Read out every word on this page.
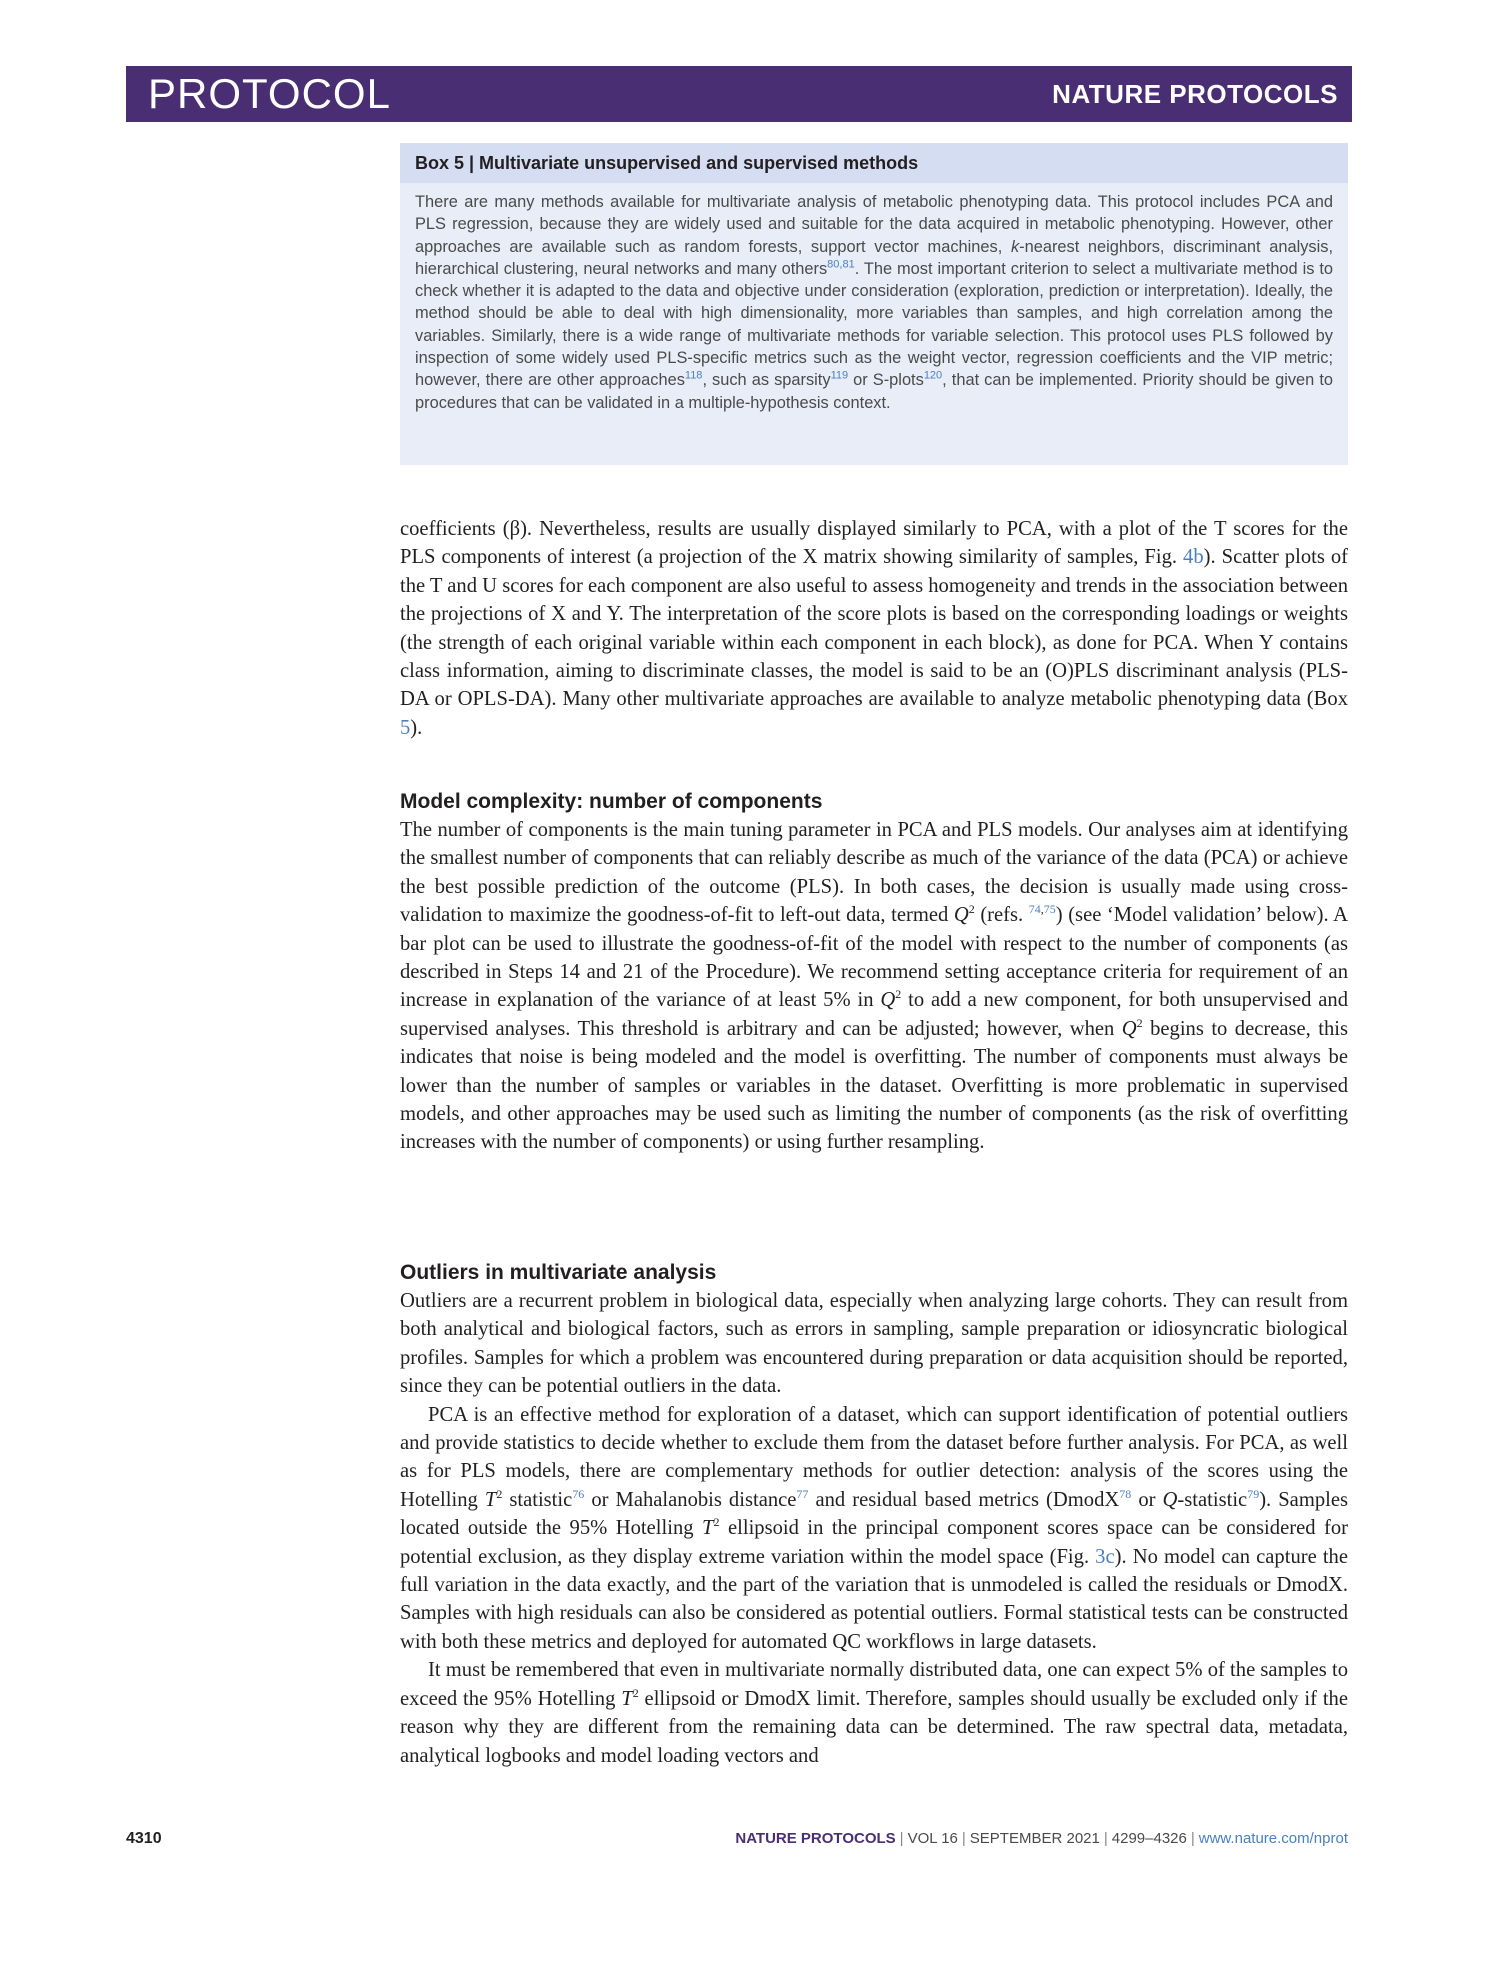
PROTOCOL	NATURE PROTOCOLS
Box 5 | Multivariate unsupervised and supervised methods
There are many methods available for multivariate analysis of metabolic phenotyping data. This protocol includes PCA and PLS regression, because they are widely used and suitable for the data acquired in metabolic phenotyping. However, other approaches are available such as random forests, support vector machines, k-nearest neighbors, discriminant analysis, hierarchical clustering, neural networks and many others$^{80,81}$. The most important criterion to select a multivariate method is to check whether it is adapted to the data and objective under consideration (exploration, prediction or interpretation). Ideally, the method should be able to deal with high dimensionality, more variables than samples, and high correlation among the variables. Similarly, there is a wide range of multivariate methods for variable selection. This protocol uses PLS followed by inspection of some widely used PLS-specific metrics such as the weight vector, regression coefficients and the VIP metric; however, there are other approaches$^{118}$, such as sparsity$^{119}$ or S-plots$^{120}$, that can be implemented. Priority should be given to procedures that can be validated in a multiple-hypothesis context.

coefficients (β). Nevertheless, results are usually displayed similarly to PCA, with a plot of the T scores for the PLS components of interest (a projection of the X matrix showing similarity of samples, Fig. 4b). Scatter plots of the T and U scores for each component are also useful to assess homogeneity and trends in the association between the projections of X and Y. The interpretation of the score plots is based on the corresponding loadings or weights (the strength of each original variable within each component in each block), as done for PCA. When Y contains class information, aiming to discriminate classes, the model is said to be an (O)PLS discriminant analysis (PLS-DA or OPLS-DA). Many other multivariate approaches are available to analyze metabolic phenotyping data (Box 5).

Model complexity: number of components

The number of components is the main tuning parameter in PCA and PLS models. Our analyses aim at identifying the smallest number of components that can reliably describe as much of the variance of the data (PCA) or achieve the best possible prediction of the outcome (PLS). In both cases, the decision is usually made using cross-validation to maximize the goodness-of-fit to left-out data, termed $Q^2$ (refs. $^{74,75}$) (see ‘Model validation’ below). A bar plot can be used to illustrate the goodness-of-fit of the model with respect to the number of components (as described in Steps 14 and 21 of the Procedure). We recommend setting acceptance criteria for requirement of an increase in explanation of the variance of at least 5% in $Q^2$ to add a new component, for both unsupervised and supervised analyses. This threshold is arbitrary and can be adjusted; however, when $Q^2$ begins to decrease, this indicates that noise is being modeled and the model is overfitting. The number of components must always be lower than the number of samples or variables in the dataset. Overfitting is more problematic in supervised models, and other approaches may be used such as limiting the number of components (as the risk of overfitting increases with the number of components) or using further resampling.

Outliers in multivariate analysis

Outliers are a recurrent problem in biological data, especially when analyzing large cohorts. They can result from both analytical and biological factors, such as errors in sampling, sample preparation or idiosyncratic biological profiles. Samples for which a problem was encountered during preparation or data acquisition should be reported, since they can be potential outliers in the data.

PCA is an effective method for exploration of a dataset, which can support identification of potential outliers and provide statistics to decide whether to exclude them from the dataset before further analysis. For PCA, as well as for PLS models, there are complementary methods for outlier detection: analysis of the scores using the Hotelling $T^2$ statistic$^{76}$ or Mahalanobis distance$^{77}$ and residual based metrics (DmodX$^{78}$ or Q-statistic$^{79}$). Samples located outside the 95% Hotelling $T^2$ ellipsoid in the principal component scores space can be considered for potential exclusion, as they display extreme variation within the model space (Fig. 3c). No model can capture the full variation in the data exactly, and the part of the variation that is unmodeled is called the residuals or DmodX. Samples with high residuals can also be considered as potential outliers. Formal statistical tests can be constructed with both these metrics and deployed for automated QC workflows in large datasets.

It must be remembered that even in multivariate normally distributed data, one can expect 5% of the samples to exceed the 95% Hotelling $T^2$ ellipsoid or DmodX limit. Therefore, samples should usually be excluded only if the reason why they are different from the remaining data can be determined. The raw spectral data, metadata, analytical logbooks and model loading vectors and

4310	NATURE PROTOCOLS | VOL 16 | SEPTEMBER 2021 | 4299–4326 | www.nature.com/nprot
